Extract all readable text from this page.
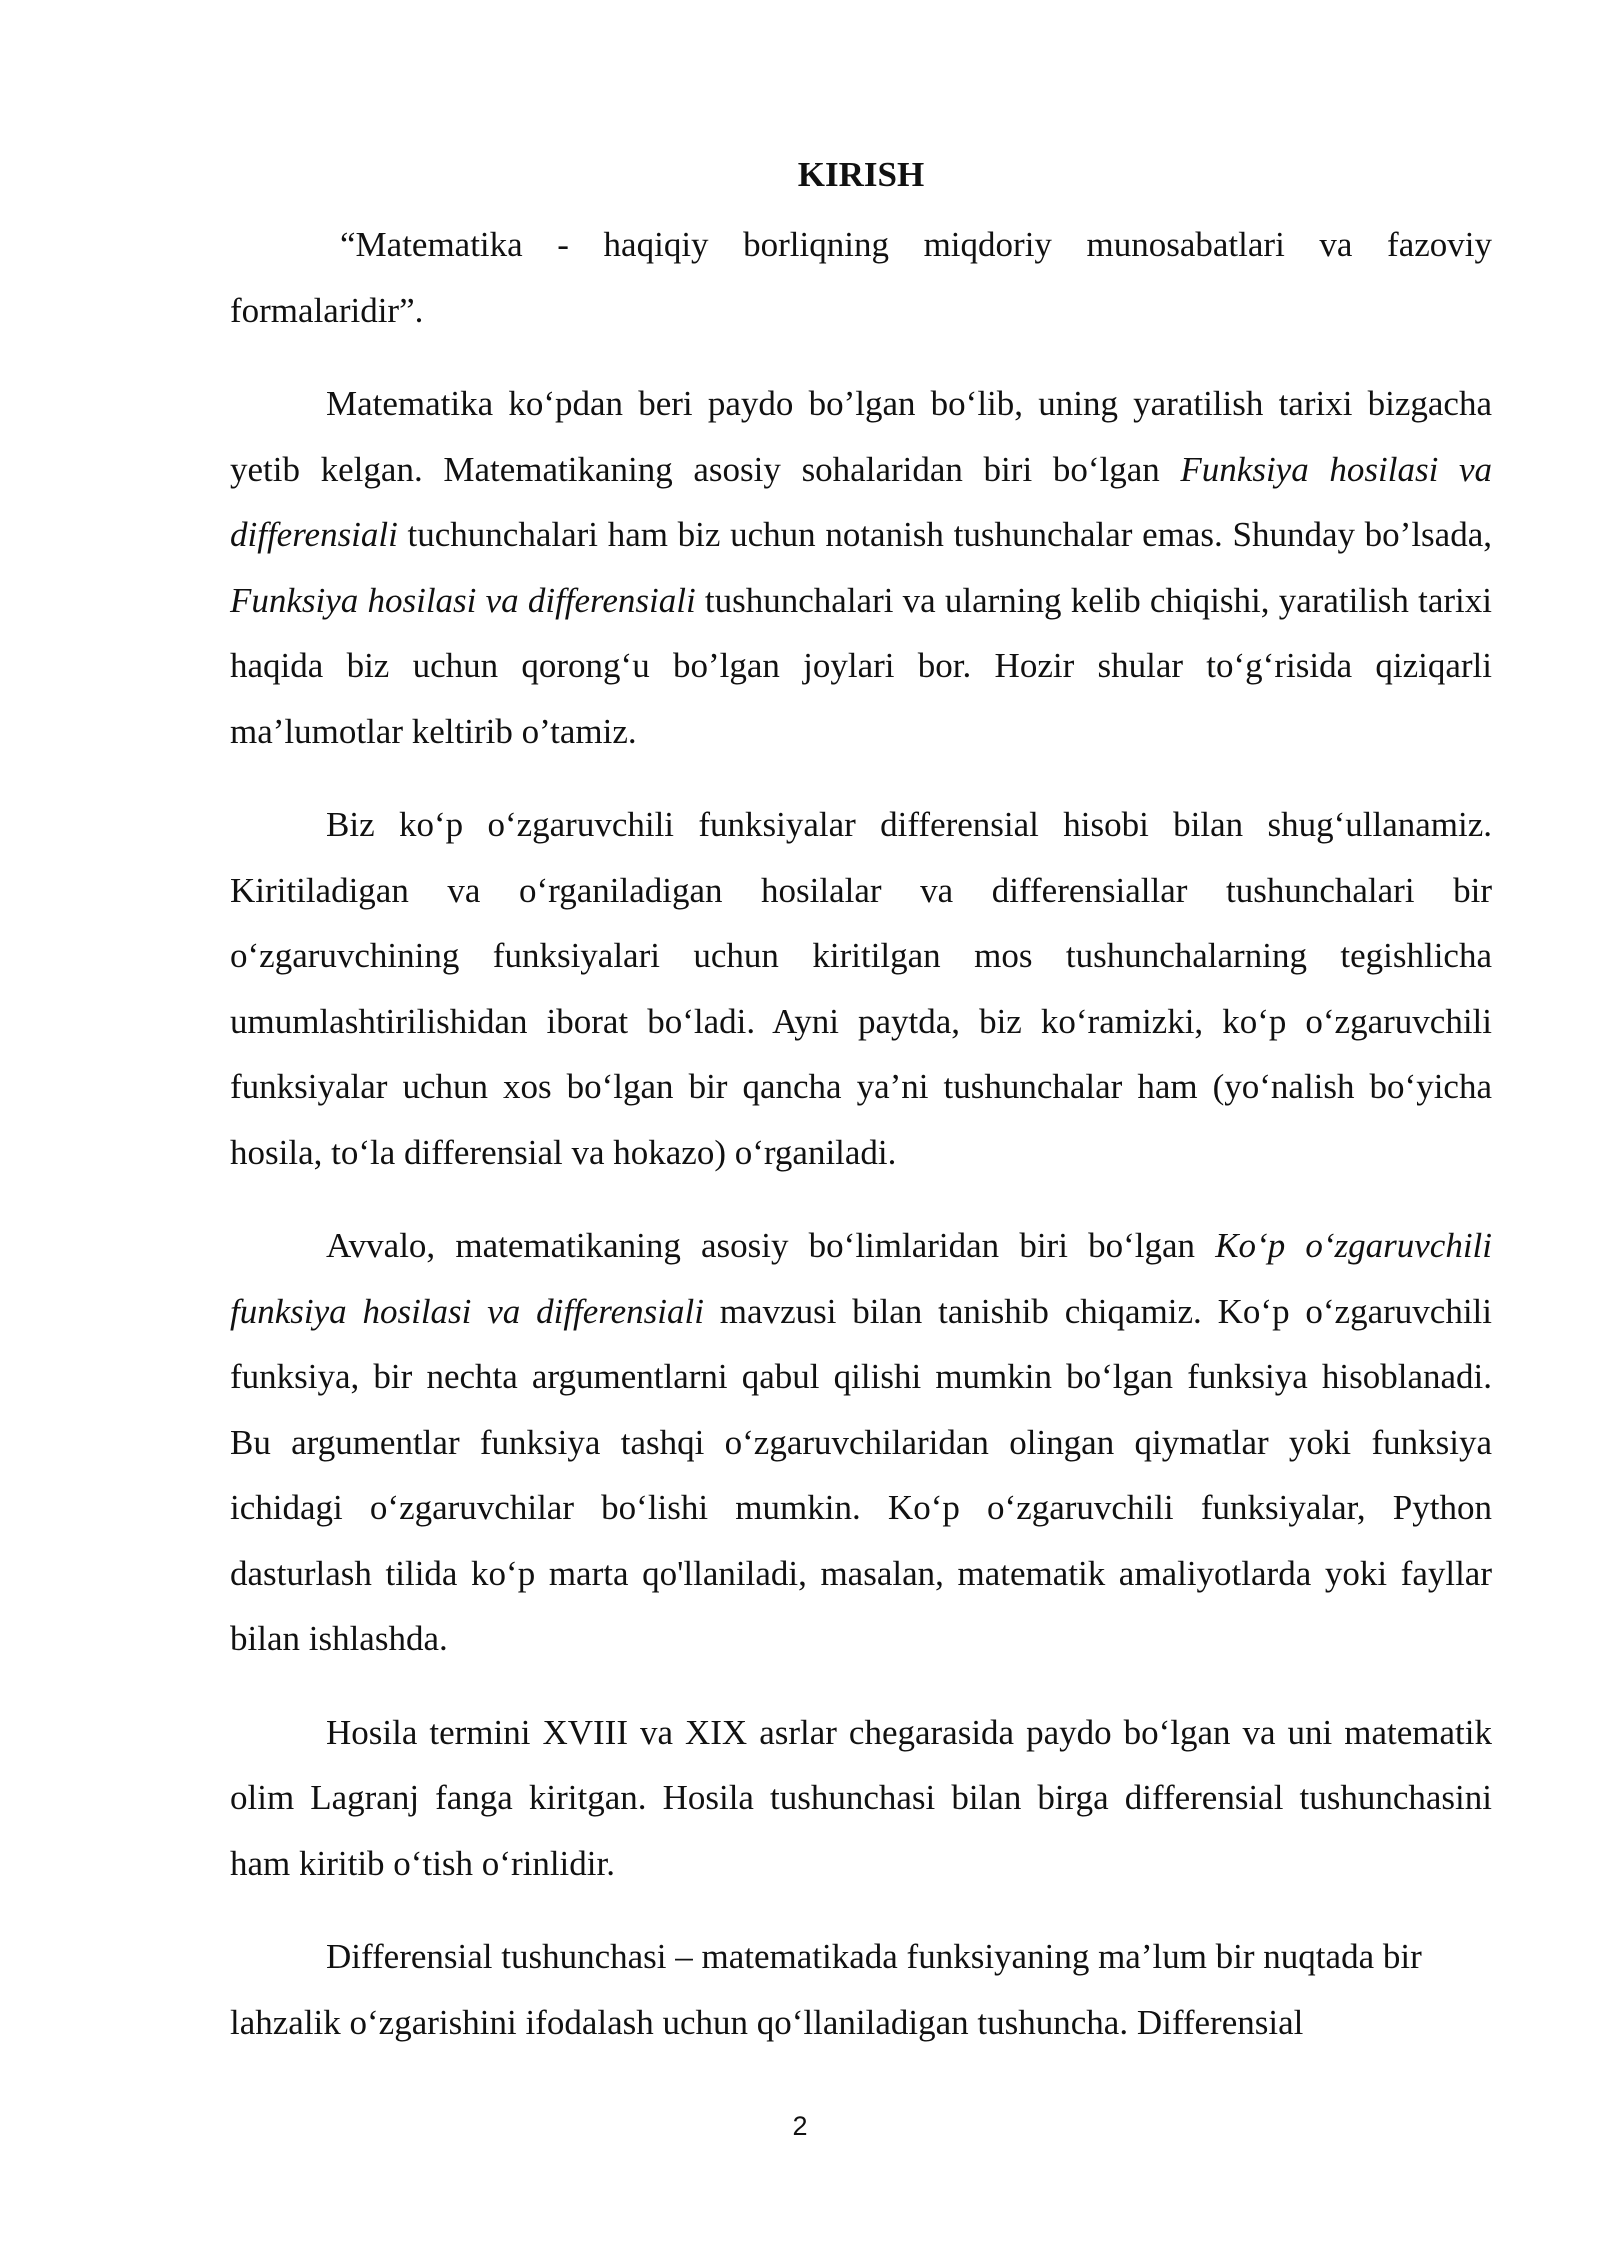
KIRISH

“Matematika - haqiqiy borliqning miqdoriy munosabatlari va fazoviy formalaridir”.

Matematika ko‘pdan beri paydo bo’lgan bo‘lib, uning yaratilish tarixi bizgacha yetib kelgan. Matematikaning asosiy sohalaridan biri bo‘lgan Funksiya hosilasi va differensiali tuchunchalari ham biz uchun notanish tushunchalar emas. Shunday bo’lsada, Funksiya hosilasi va differensiali tushunchalari va ularning kelib chiqishi, yaratilish tarixi haqida biz uchun qorong‘u bo’lgan joylari bor. Hozir shular to‘g‘risida qiziqarli ma’lumotlar keltirib o’tamiz.

Biz ko‘p o‘zgaruvchili funksiyalar differensial hisobi bilan shug‘ullanamiz. Kiritiladigan va o‘rganiladigan hosilalar va differensiallar tushunchalari bir o‘zgaruvchining funksiyalari uchun kiritilgan mos tushunchalarning tegishlicha umumlashtirilishidan iborat bo‘ladi. Ayni paytda, biz ko‘ramizki, ko‘p o‘zgaruvchili funksiyalar uchun xos bo‘lgan bir qancha ya’ni tushunchalar ham (yo‘nalish bo‘yicha hosila, to‘la differensial va hokazo) o‘rganiladi.

Avvalo, matematikaning asosiy bo‘limlaridan biri bo‘lgan Ko‘p o‘zgaruvchili funksiya hosilasi va differensiali mavzusi bilan tanishib chiqamiz. Ko‘p o‘zgaruvchili funksiya, bir nechta argumentlarni qabul qilishi mumkin bo‘lgan funksiya hisoblanadi. Bu argumentlar funksiya tashqi o‘zgaruvchilaridan olingan qiymatlar yoki funksiya ichidagi o‘zgaruvchilar bo‘lishi mumkin. Ko‘p o‘zgaruvchili funksiyalar, Python dasturlash tilida ko‘p marta qo'llaniladi, masalan, matematik amaliyotlarda yoki fayllar bilan ishlashda.

Hosila termini XVIII va XIX asrlar chegarasida paydo bo‘lgan va uni matematik olim Lagranj fanga kiritgan. Hosila tushunchasi bilan birga differensial tushunchasini ham kiritib o‘tish o‘rinlidir.

Differensial tushunchasi – matematikada funksiyaning ma’lum bir nuqtada bir lahzalik o‘zgarishini ifodalash uchun qo‘llaniladigan tushuncha. Differensial

2
